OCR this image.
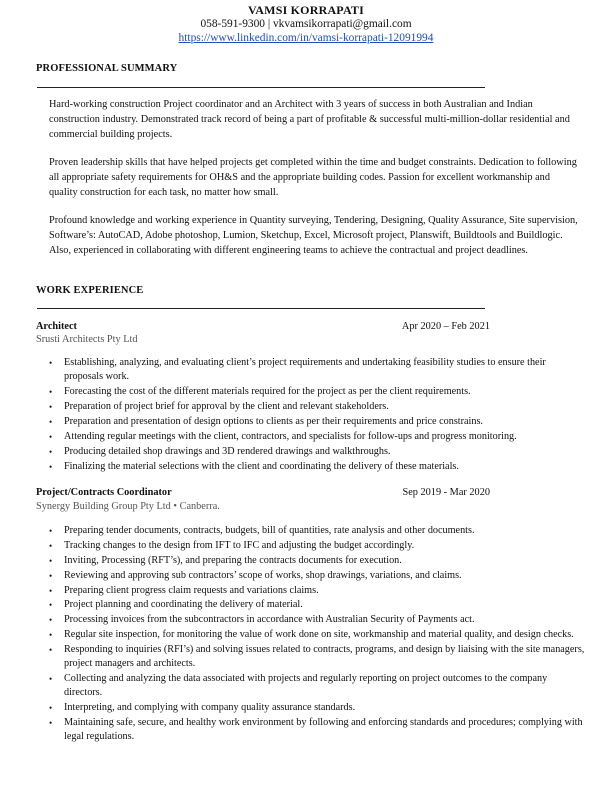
VAMSI KORRAPATI
058-591-9300 | vkvamsikorrapati@gmail.com
https://www.linkedin.com/in/vamsi-korrapati-12091994
PROFESSIONAL SUMMARY
Hard-working construction Project coordinator and an Architect with 3 years of success in both Australian and Indian construction industry. Demonstrated track record of being a part of profitable & successful multi-million-dollar residential and commercial building projects.
Proven leadership skills that have helped projects get completed within the time and budget constraints. Dedication to following all appropriate safety requirements for OH&S and the appropriate building codes. Passion for excellent workmanship and quality construction for each task, no matter how small.
Profound knowledge and working experience in Quantity surveying, Tendering, Designing, Quality Assurance, Site supervision, Software’s: AutoCAD, Adobe photoshop, Lumion, Sketchup, Excel, Microsoft project, Planswift, Buildtools and Buildlogic. Also, experienced in collaborating with different engineering teams to achieve the contractual and project deadlines.
WORK EXPERIENCE
Architect	Apr 2020 – Feb 2021
Srusti Architects Pty Ltd
• Establishing, analyzing, and evaluating client’s project requirements and undertaking feasibility studies to ensure their proposals work.
• Forecasting the cost of the different materials required for the project as per the client requirements.
• Preparation of project brief for approval by the client and relevant stakeholders.
• Preparation and presentation of design options to clients as per their requirements and price constrains.
• Attending regular meetings with the client, contractors, and specialists for follow-ups and progress monitoring.
• Producing detailed shop drawings and 3D rendered drawings and walkthroughs.
• Finalizing the material selections with the client and coordinating the delivery of these materials.
Project/Contracts Coordinator	Sep 2019 - Mar 2020
Synergy Building Group Pty Ltd • Canberra.
• Preparing tender documents, contracts, budgets, bill of quantities, rate analysis and other documents.
• Tracking changes to the design from IFT to IFC and adjusting the budget accordingly.
• Inviting, Processing (RFT’s), and preparing the contracts documents for execution.
• Reviewing and approving sub contractors’ scope of works, shop drawings, variations, and claims.
• Preparing client progress claim requests and variations claims.
• Project planning and coordinating the delivery of material.
• Processing invoices from the subcontractors in accordance with Australian Security of Payments act.
• Regular site inspection, for monitoring the value of work done on site, workmanship and material quality, and design checks.
• Responding to inquiries (RFI’s) and solving issues related to contracts, programs, and design by liaising with the site managers, project managers and architects.
• Collecting and analyzing the data associated with projects and regularly reporting on project outcomes to the company directors.
• Interpreting, and complying with company quality assurance standards.
• Maintaining safe, secure, and healthy work environment by following and enforcing standards and procedures; complying with legal regulations.
